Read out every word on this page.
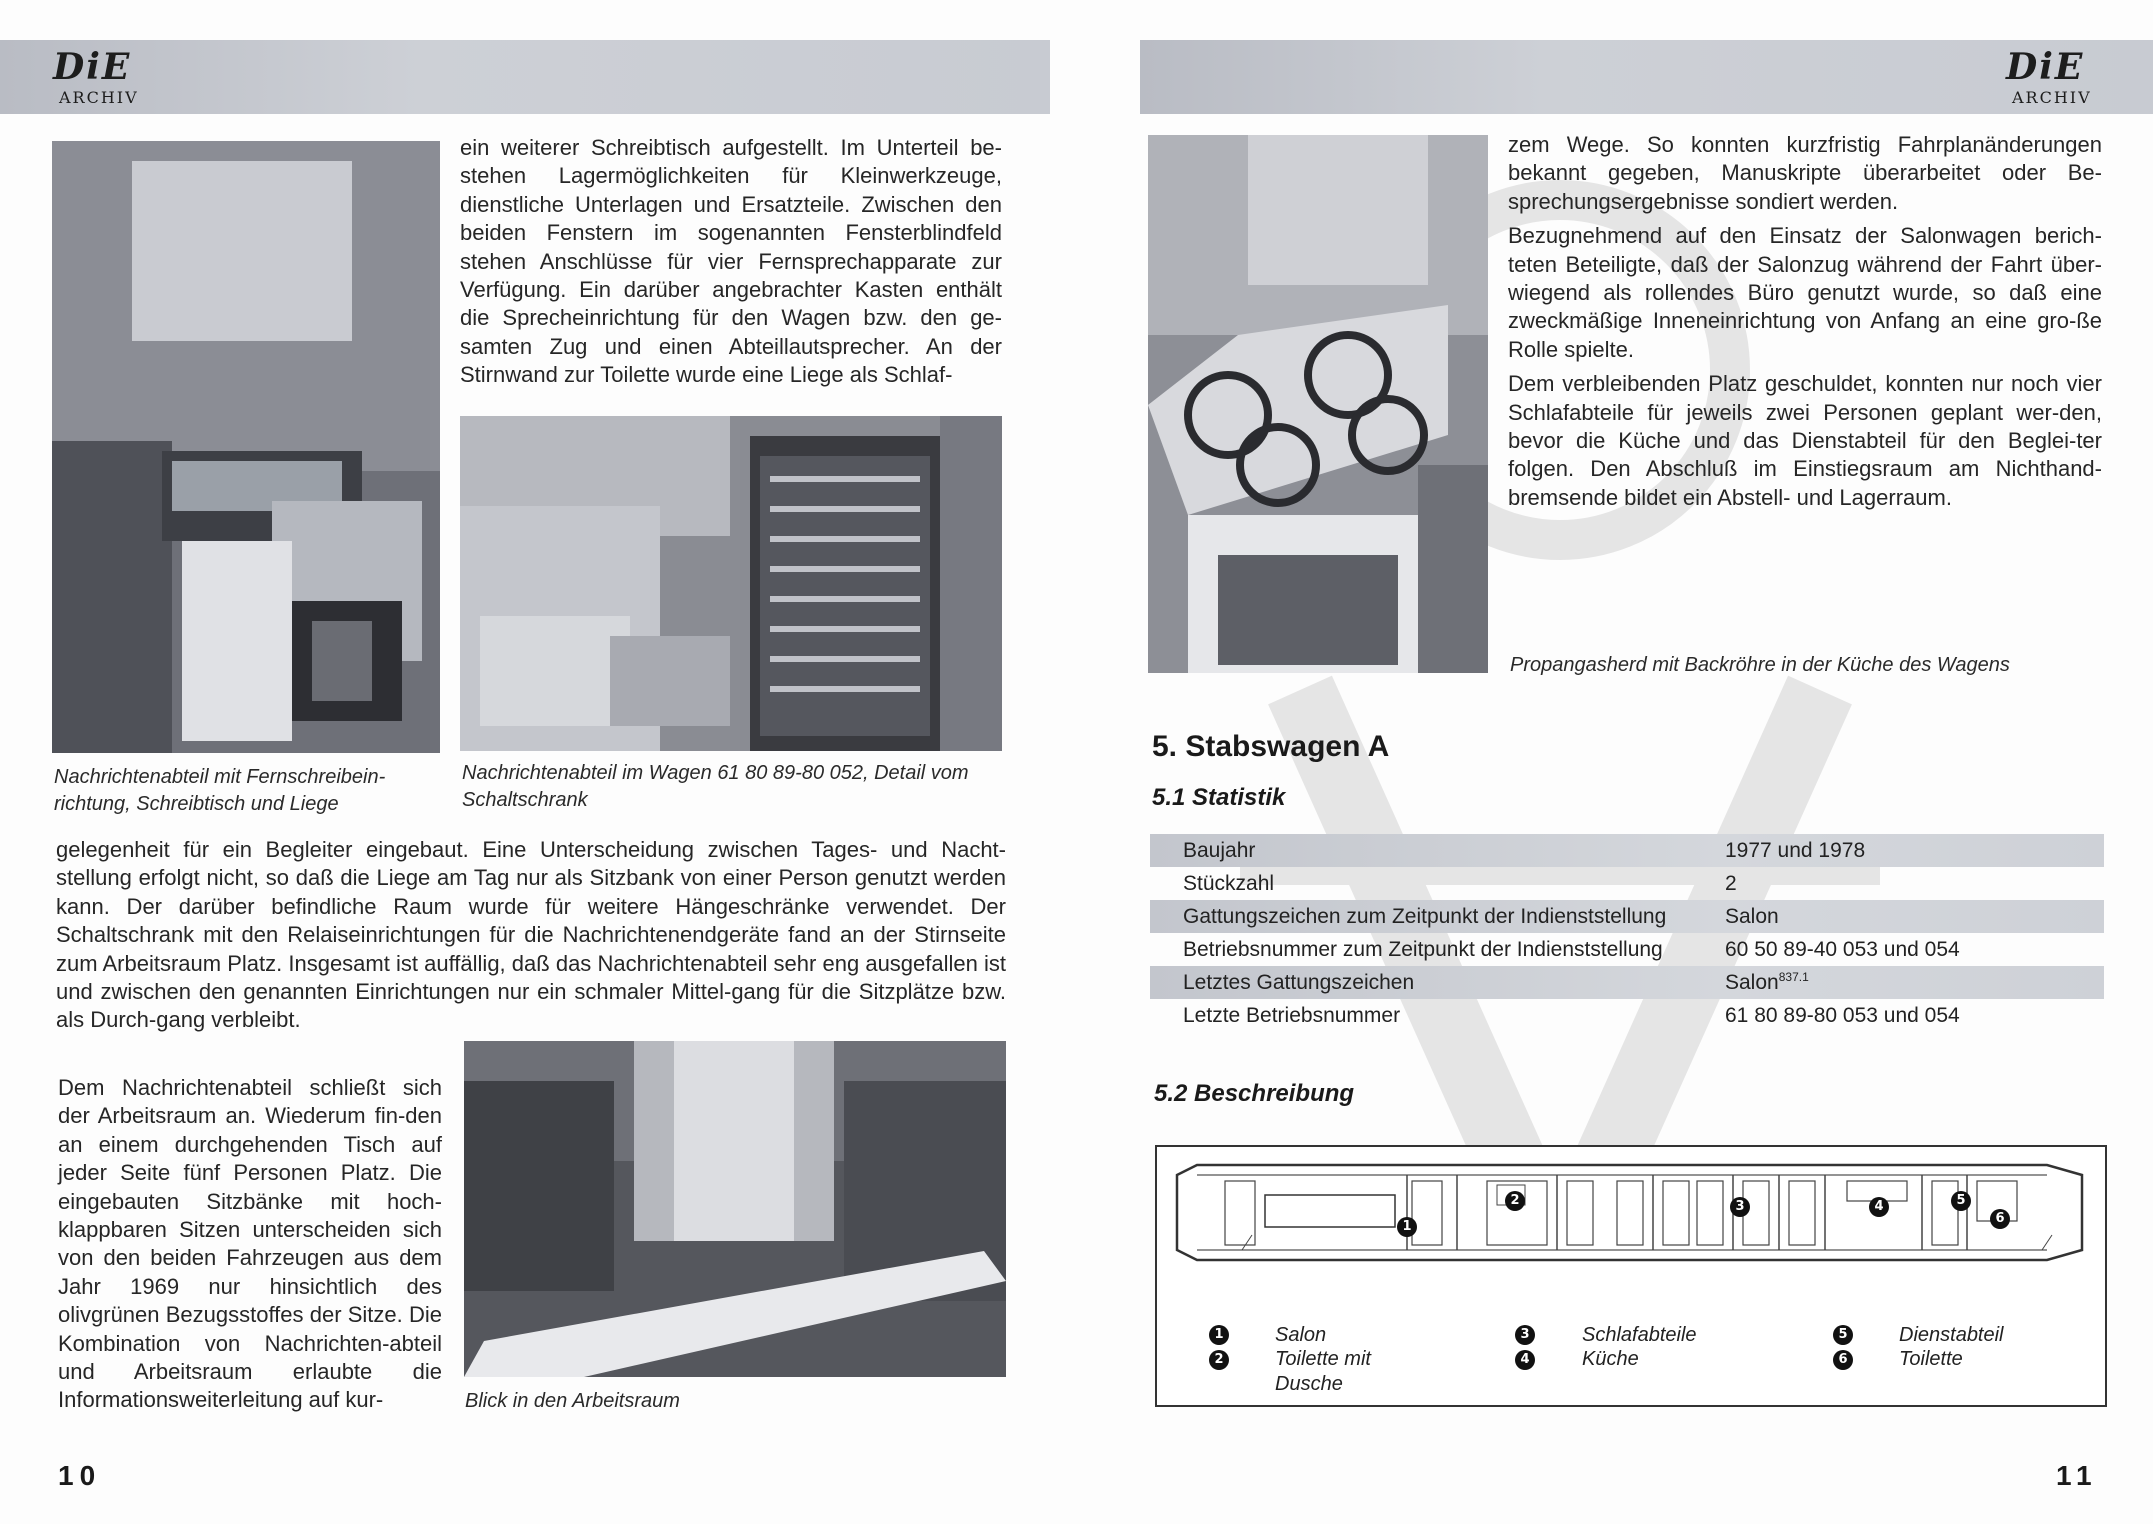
DiE
ARCHIV
DiE
ARCHIV

ein weiterer Schreibtisch aufgestellt. Im Unterteil be-stehen Lagermöglichkeiten für Kleinwerkzeuge, dienstliche Unterlagen und Ersatzteile. Zwischen den beiden Fenstern im sogenannten Fensterblindfeld stehen Anschlüsse für vier Fernsprechapparate zur Verfügung. Ein darüber angebrachter Kasten enthält die Sprecheinrichtung für den Wagen bzw. den ge-samten Zug und einen Abteillautsprecher. An der Stirnwand zur Toilette wurde eine Liege als Schlaf-

Nachrichtenabteil mit Fernschreibein-richtung, Schreibtisch und Liege
Nachrichtenabteil im Wagen 61 80 89-80 052, Detail vom Schaltschrank

gelegenheit für ein Begleiter eingebaut. Eine Unterscheidung zwischen Tages- und Nacht-stellung erfolgt nicht, so daß die Liege am Tag nur als Sitzbank von einer Person genutzt werden kann. Der darüber befindliche Raum wurde für weitere Hängeschränke verwendet. Der Schaltschrank mit den Relaiseinrichtungen für die Nachrichtenendgeräte fand an der Stirnseite zum Arbeitsraum Platz. Insgesamt ist auffällig, daß das Nachrichtenabteil sehr eng ausgefallen ist und zwischen den genannten Einrichtungen nur ein schmaler Mittel-gang für die Sitzplätze bzw. als Durch-gang verbleibt.

Dem Nachrichtenabteil schließt sich der Arbeitsraum an. Wiederum fin-den an einem durchgehenden Tisch auf jeder Seite fünf Personen Platz. Die eingebauten Sitzbänke mit hoch-klappbaren Sitzen unterscheiden sich von den beiden Fahrzeugen aus dem Jahr 1969 nur hinsichtlich des olivgrünen Bezugsstoffes der Sitze. Die Kombination von Nachrichten-abteil und Arbeitsraum erlaubte die Informationsweiterleitung auf kur-	Blick in den Arbeitsraum
10

zem Wege. So konnten kurzfristig Fahrplanänderungen bekannt gegeben, Manuskripte überarbeitet oder Be-sprechungsergebnisse sondiert werden.

Bezugnehmend auf den Einsatz der Salonwagen berich-teten Beteiligte, daß der Salonzug während der Fahrt über-wiegend als rollendes Büro genutzt wurde, so daß eine zweckmäßige Inneneinrichtung von Anfang an eine gro-ße Rolle spielte.

Dem verbleibenden Platz geschuldet, konnten nur noch vier Schlafabteile für jeweils zwei Personen geplant wer-den, bevor die Küche und das Dienstabteil für den Beglei-ter folgen. Den Abschluß im Einstiegsraum am Nichthand-bremsende bildet ein Abstell- und Lagerraum.

Propangasherd mit Backröhre in der Küche des Wagens
5. Stabswagen A
5.1 Statistik
Baujahr	1977 und 1978
Stückzahl	2
Gattungszeichen zum Zeitpunkt der Indienststellung	Salon
Betriebsnummer zum Zeitpunkt der Indienststellung	60 50 89-40 053 und 054
Letztes Gattungszeichen	Salon$^{837.1}$
Letzte Betriebsnummer	61 80 89-80 053 und 054
5.2 Beschreibung
1
2	3	4	5
6
1	Salon
2	Toilette mit Dusche
3	Schlafabteile
4	Küche
5	Dienstabteil
6	Toilette
11
